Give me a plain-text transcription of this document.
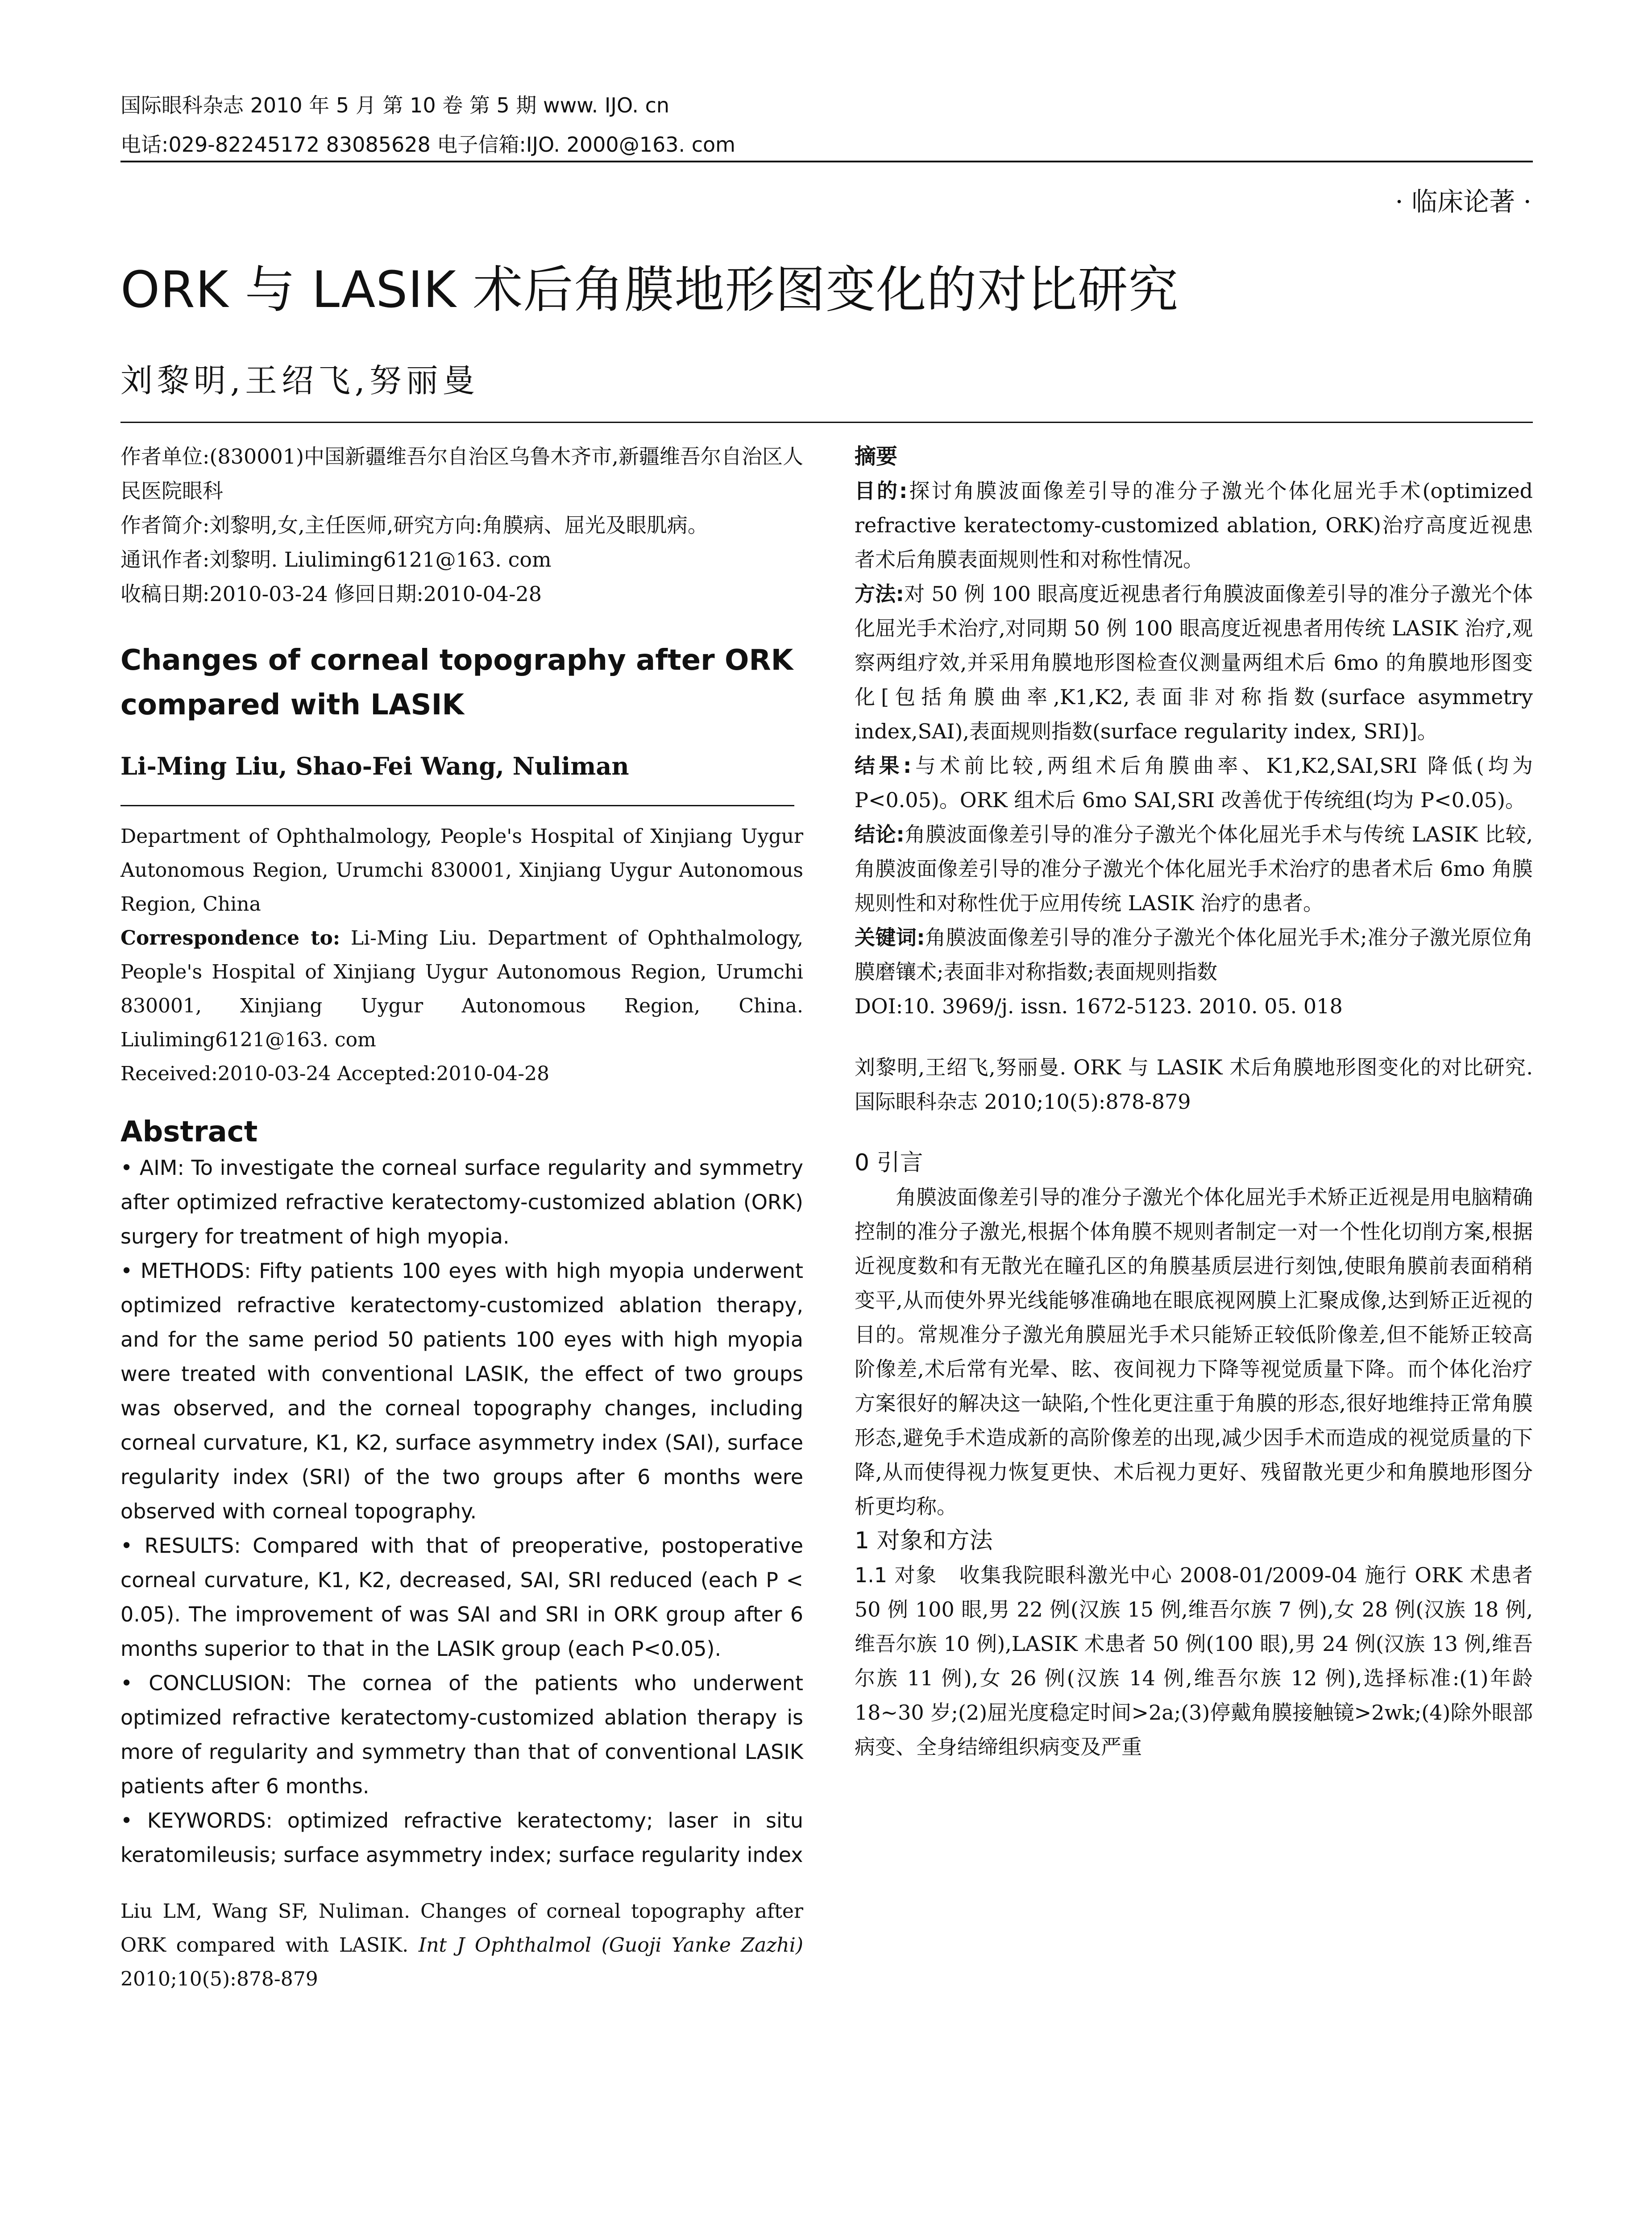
国际眼科杂志 2010 年 5 月 第 10 卷 第 5 期 www. IJO. cn
电话:029-82245172 83085628 电子信箱:IJO. 2000@163. com
· 临床论著 ·
ORK 与 LASIK 术后角膜地形图变化的对比研究
刘黎明,王绍飞,努丽曼

作者单位:(830001)中国新疆维吾尔自治区乌鲁木齐市,新疆维吾尔自治区人民医院眼科

作者简介:刘黎明,女,主任医师,研究方向:角膜病、屈光及眼肌病。

通讯作者:刘黎明. Liuliming6121@163. com

收稿日期:2010-03-24 修回日期:2010-04-28

Changes of corneal topography after ORK compared with LASIK
Li-Ming Liu, Shao-Fei Wang, Nuliman

Department of Ophthalmology, People's Hospital of Xinjiang Uygur Autonomous Region, Urumchi 830001, Xinjiang Uygur Autonomous Region, China

Correspondence to: Li-Ming Liu. Department of Ophthalmology, People's Hospital of Xinjiang Uygur Autonomous Region, Urumchi 830001, Xinjiang Uygur Autonomous Region, China. Liuliming6121@163. com

Received:2010-03-24 Accepted:2010-04-28

Abstract

• AIM: To investigate the corneal surface regularity and symmetry after optimized refractive keratectomy-customized ablation (ORK) surgery for treatment of high myopia.

• METHODS: Fifty patients 100 eyes with high myopia underwent optimized refractive keratectomy-customized ablation therapy, and for the same period 50 patients 100 eyes with high myopia were treated with conventional LASIK, the effect of two groups was observed, and the corneal topography changes, including corneal curvature, K1, K2, surface asymmetry index (SAI), surface regularity index (SRI) of the two groups after 6 months were observed with corneal topography.

• RESULTS: Compared with that of preoperative, postoperative corneal curvature, K1, K2, decreased, SAI, SRI reduced (each P < 0.05). The improvement of was SAI and SRI in ORK group after 6 months superior to that in the LASIK group (each P<0.05).

• CONCLUSION: The cornea of the patients who underwent optimized refractive keratectomy-customized ablation therapy is more of regularity and symmetry than that of conventional LASIK patients after 6 months.

• KEYWORDS: optimized refractive keratectomy; laser in situ keratomileusis; surface asymmetry index; surface regularity index

Liu LM, Wang SF, Nuliman. Changes of corneal topography after ORK compared with LASIK. Int J Ophthalmol (Guoji Yanke Zazhi) 2010;10(5):878-879

摘要

目的:探讨角膜波面像差引导的准分子激光个体化屈光手术(optimized refractive keratectomy-customized ablation, ORK)治疗高度近视患者术后角膜表面规则性和对称性情况。

方法:对 50 例 100 眼高度近视患者行角膜波面像差引导的准分子激光个体化屈光手术治疗,对同期 50 例 100 眼高度近视患者用传统 LASIK 治疗,观察两组疗效,并采用角膜地形图检查仪测量两组术后 6mo 的角膜地形图变化[包括角膜曲率,K1,K2,表面非对称指数(surface asymmetry index,SAI),表面规则指数(surface regularity index, SRI)]。

结果:与术前比较,两组术后角膜曲率、K1,K2,SAI,SRI 降低(均为 P<0.05)。ORK 组术后 6mo SAI,SRI 改善优于传统组(均为 P<0.05)。

结论:角膜波面像差引导的准分子激光个体化屈光手术与传统 LASIK 比较,角膜波面像差引导的准分子激光个体化屈光手术治疗的患者术后 6mo 角膜规则性和对称性优于应用传统 LASIK 治疗的患者。

关键词:角膜波面像差引导的准分子激光个体化屈光手术;准分子激光原位角膜磨镶术;表面非对称指数;表面规则指数

DOI:10. 3969/j. issn. 1672-5123. 2010. 05. 018

刘黎明,王绍飞,努丽曼. ORK 与 LASIK 术后角膜地形图变化的对比研究. 国际眼科杂志 2010;10(5):878-879

0 引言

角膜波面像差引导的准分子激光个体化屈光手术矫正近视是用电脑精确控制的准分子激光,根据个体角膜不规则者制定一对一个性化切削方案,根据近视度数和有无散光在瞳孔区的角膜基质层进行刻蚀,使眼角膜前表面稍稍变平,从而使外界光线能够准确地在眼底视网膜上汇聚成像,达到矫正近视的目的。常规准分子激光角膜屈光手术只能矫正较低阶像差,但不能矫正较高阶像差,术后常有光晕、眩、夜间视力下降等视觉质量下降。而个体化治疗方案很好的解决这一缺陷,个性化更注重于角膜的形态,很好地维持正常角膜形态,避免手术造成新的高阶像差的出现,减少因手术而造成的视觉质量的下降,从而使得视力恢复更快、术后视力更好、残留散光更少和角膜地形图分析更均称。

1 对象和方法

1.1 对象 收集我院眼科激光中心 2008-01/2009-04 施行 ORK 术患者 50 例 100 眼,男 22 例(汉族 15 例,维吾尔族 7 例),女 28 例(汉族 18 例,维吾尔族 10 例),LASIK 术患者 50 例(100 眼),男 24 例(汉族 13 例,维吾尔族 11 例),女 26 例(汉族 14 例,维吾尔族 12 例),选择标准:(1)年龄 18~30 岁;(2)屈光度稳定时间>2a;(3)停戴角膜接触镜>2wk;(4)除外眼部病变、全身结缔组织病变及严重
